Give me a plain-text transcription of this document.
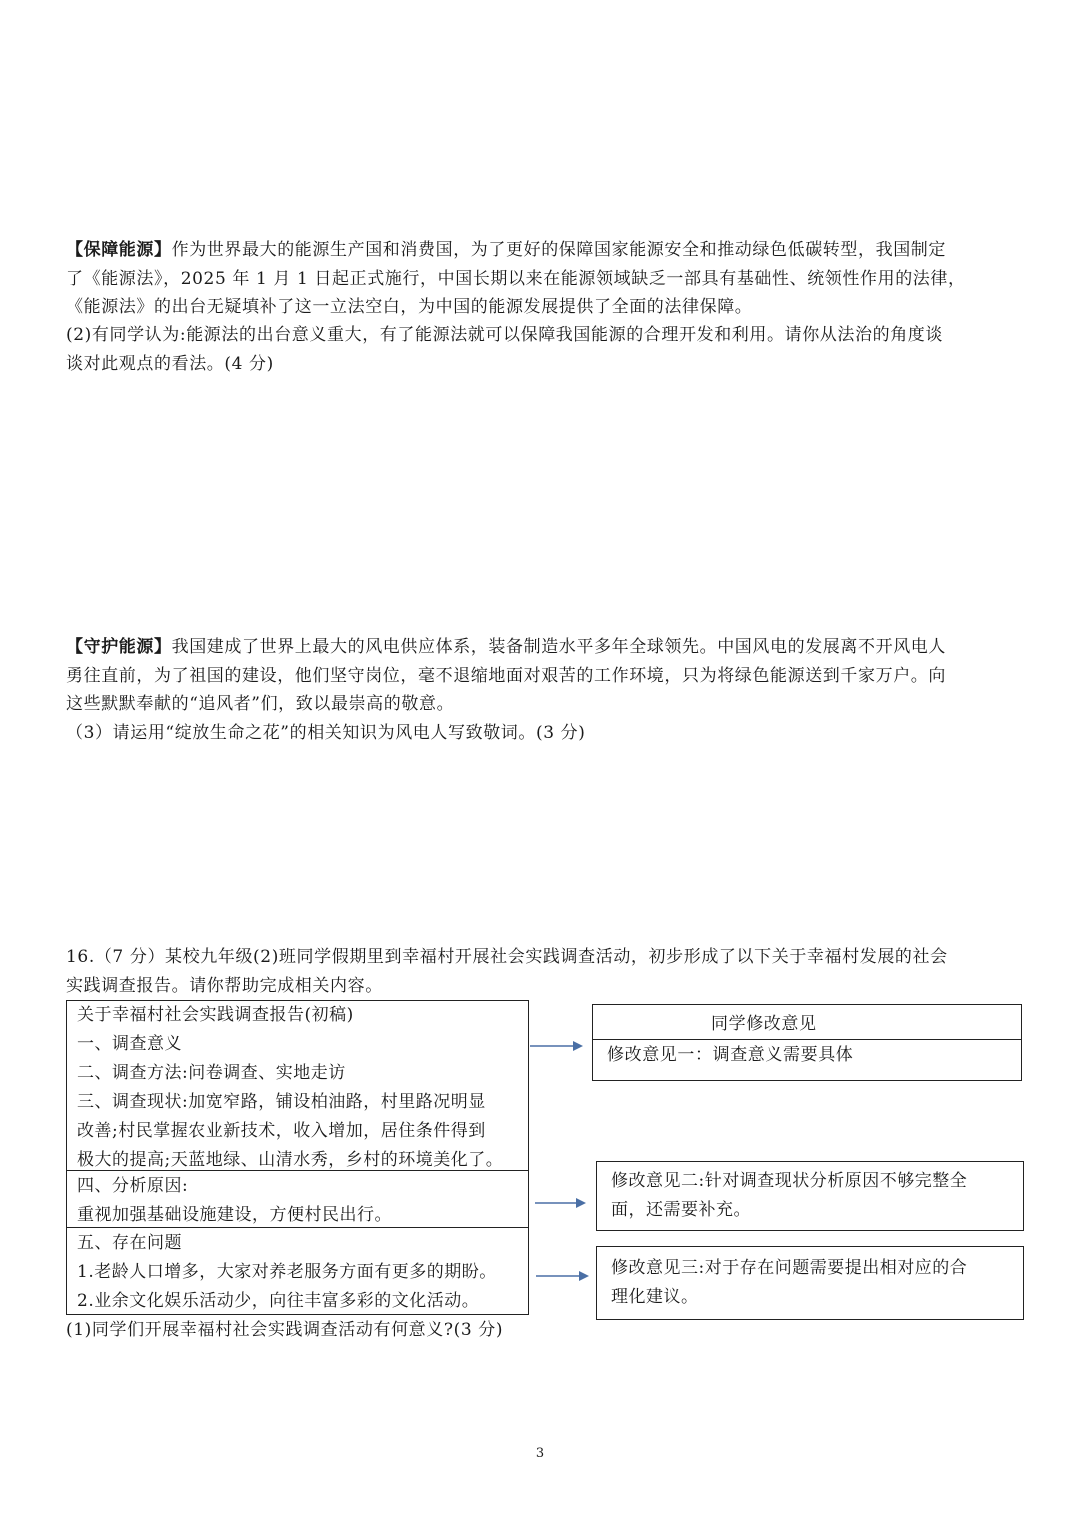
【保障能源】作为世界最大的能源生产国和消费国，为了更好的保障国家能源安全和推动绿色低碳转型，我国制定
了《能源法》，2025 年 1 月 1 日起正式施行，中国长期以来在能源领域缺乏一部具有基础性、统领性作用的法律，
《能源法》的出台无疑填补了这一立法空白，为中国的能源发展提供了全面的法律保障。
(2)有同学认为:能源法的出台意义重大，有了能源法就可以保障我国能源的合理开发和利用。请你从法治的角度谈
谈对此观点的看法。(4 分)
【守护能源】我国建成了世界上最大的风电供应体系，装备制造水平多年全球领先。中国风电的发展离不开风电人
勇往直前，为了祖国的建设，他们坚守岗位，毫不退缩地面对艰苦的工作环境，只为将绿色能源送到千家万户。向
这些默默奉献的“追风者”们，致以最崇高的敬意。
（3）请运用“绽放生命之花”的相关知识为风电人写致敬词。(3 分)
16.（7 分）某校九年级(2)班同学假期里到幸福村开展社会实践调查活动，初步形成了以下关于幸福村发展的社会
实践调查报告。请你帮助完成相关内容。
关于幸福村社会实践调查报告(初稿)
一、调查意义
二、调查方法:问卷调查、实地走访
三、调查现状:加宽窄路，铺设柏油路，村里路况明显
改善;村民掌握农业新技术，收入增加，居住条件得到
极大的提高;天蓝地绿、山清水秀，乡村的环境美化了。
四、分析原因:
重视加强基础设施建设，方便村民出行。
五、存在问题
1.老龄人口增多，大家对养老服务方面有更多的期盼。
2.业余文化娱乐活动少，向往丰富多彩的文化活动。
同学修改意见
修改意见一：调查意义需要具体
修改意见二:针对调查现状分析原因不够完整全
面，还需要补充。
修改意见三:对于存在问题需要提出相对应的合
理化建议。
(1)同学们开展幸福村社会实践调查活动有何意义?(3 分)
3
